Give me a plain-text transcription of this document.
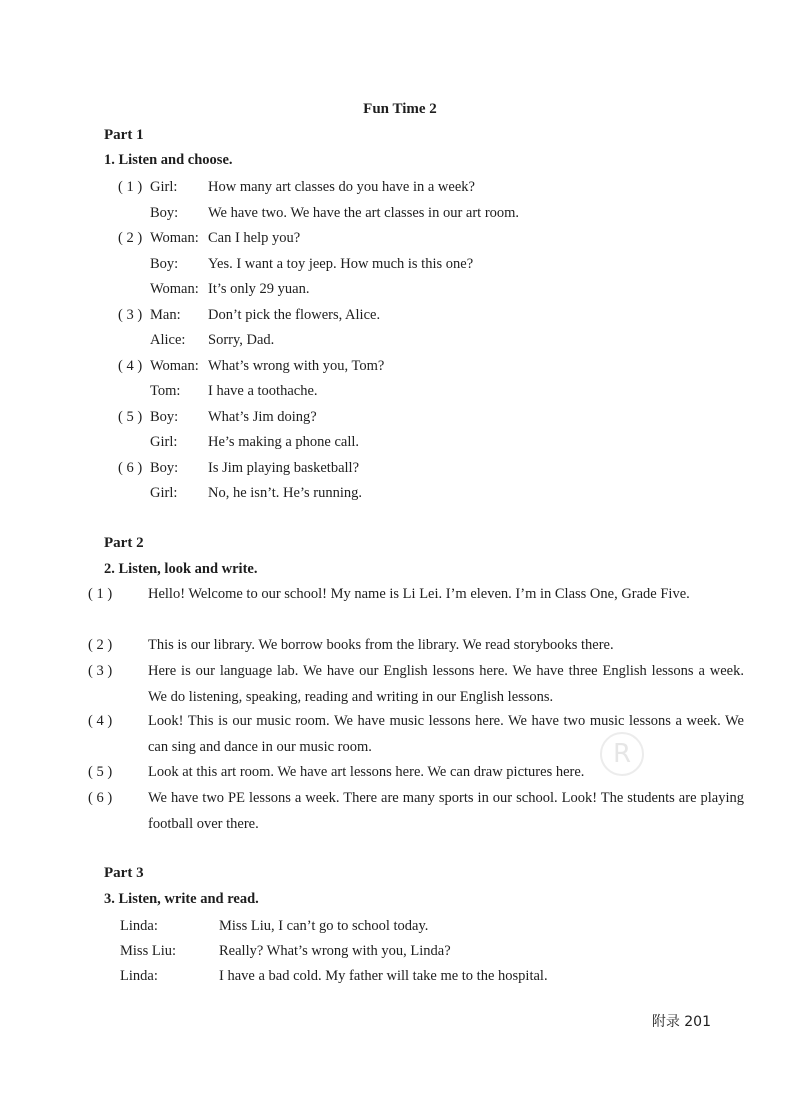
Fun Time 2
Part 1
1. Listen and choose.
( 1 ) Girl: How many art classes do you have in a week?
Boy: We have two. We have the art classes in our art room.
( 2 ) Woman: Can I help you?
Boy: Yes. I want a toy jeep. How much is this one?
Woman: It’s only 29 yuan.
( 3 ) Man: Don’t pick the flowers, Alice.
Alice: Sorry, Dad.
( 4 ) Woman: What’s wrong with you, Tom?
Tom: I have a toothache.
( 5 ) Boy: What’s Jim doing?
Girl: He’s making a phone call.
( 6 ) Boy: Is Jim playing basketball?
Girl: No, he isn’t. He’s running.
Part 2
2. Listen, look and write.
( 1 ) Hello! Welcome to our school! My name is Li Lei. I’m eleven. I’m in Class One, Grade Five.
( 2 ) This is our library. We borrow books from the library. We read storybooks there.
( 3 ) Here is our language lab. We have our English lessons here. We have three English lessons a week. We do listening, speaking, reading and writing in our English lessons.
( 4 ) Look! This is our music room. We have music lessons here. We have two music lessons a week. We can sing and dance in our music room.
( 5 ) Look at this art room. We have art lessons here. We can draw pictures here.
( 6 ) We have two PE lessons a week. There are many sports in our school. Look! The students are playing football over there.
R
Part 3
3. Listen, write and read.
Linda:	Miss Liu, I can’t go to school today.
Miss Liu:	Really? What’s wrong with you, Linda?
Linda:	I have a bad cold. My father will take me to the hospital.
附录 201
